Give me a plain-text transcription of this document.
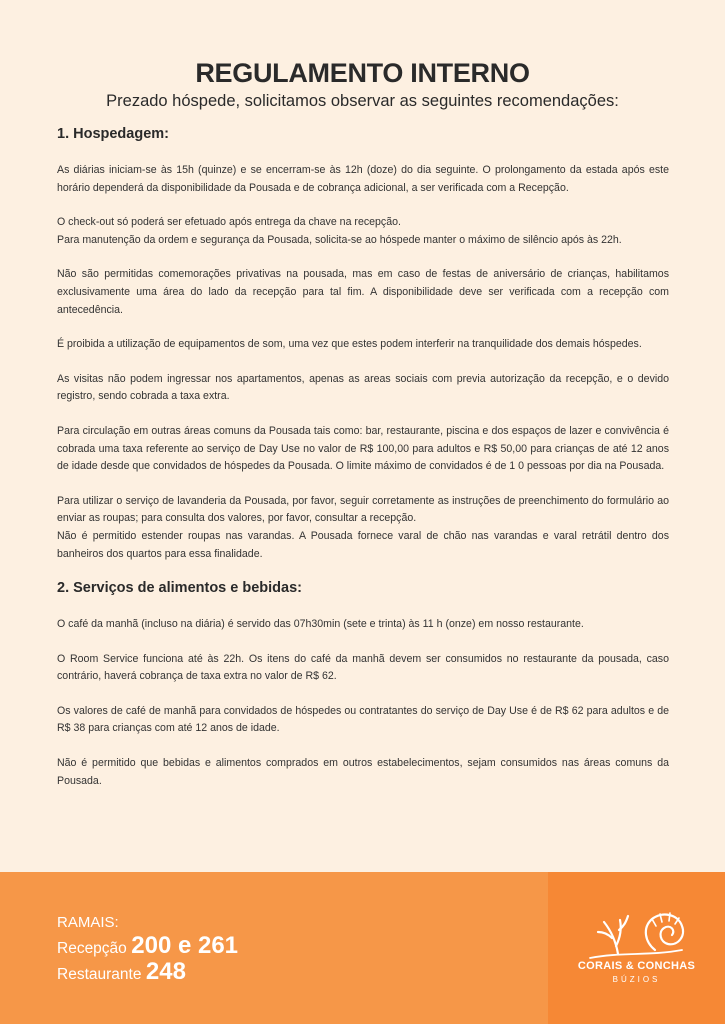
REGULAMENTO INTERNO
Prezado hóspede, solicitamos observar as seguintes recomendações:
1. Hospedagem:

As diárias iniciam-se às 15h (quinze) e se encerram-se às 12h (doze) do dia seguinte. O prolongamento da estada após este horário dependerá da disponibilidade da Pousada e de cobrança adicional, a ser verificada com a Recepção.

O check-out só poderá ser efetuado após entrega da chave na recepção.

Para manutenção da ordem e segurança da Pousada, solicita-se ao hóspede manter o máximo de silêncio após às 22h.

Não são permitidas comemorações privativas na pousada, mas em caso de festas de aniversário de crianças, habilitamos exclusivamente uma área do lado da recepção para tal fim. A disponibilidade deve ser verificada com a recepção com antecedência.

É proibida a utilização de equipamentos de som, uma vez que estes podem interferir na tranquilidade dos demais hóspedes.

As visitas não podem ingressar nos apartamentos, apenas as areas sociais com previa autorização da recepção, e o devido registro, sendo cobrada a taxa extra.

Para circulação em outras áreas comuns da Pousada tais como: bar, restaurante, piscina e dos espaços de lazer e convivência é cobrada uma taxa referente ao serviço de Day Use no valor de R$ 100,00 para adultos e R$ 50,00 para crianças de até 12 anos de idade desde que convidados de hóspedes da Pousada. O limite máximo de convidados é de 1 0 pessoas por dia na Pousada.

Para utilizar o serviço de lavanderia da Pousada, por favor, seguir corretamente as instruções de preenchimento do formulário ao enviar as roupas; para consulta dos valores, por favor, consultar a recepção.

Não é permitido estender roupas nas varandas. A Pousada fornece varal de chão nas varandas e varal retrátil dentro dos banheiros dos quartos para essa finalidade.

2. Serviços de alimentos e bebidas:

O café da manhã (incluso na diária) é servido das 07h30min (sete e trinta) às 11 h (onze) em nosso restaurante.

O Room Service funciona até às 22h. Os itens do café da manhã devem ser consumidos no restaurante da pousada, caso contrário, haverá cobrança de taxa extra no valor de R$ 62.

Os valores de café de manhã para convidados de hóspedes ou contratantes do serviço de Day Use é de R$ 62 para adultos e de R$ 38 para crianças com até 12 anos de idade.

Não é permitido que bebidas e alimentos comprados em outros estabelecimentos, sejam consumidos nas áreas comuns da Pousada.

RAMAIS:
Recepção 200 e 261
Restaurante 248	CORAIS & CONCHAS
BÚZIOS
